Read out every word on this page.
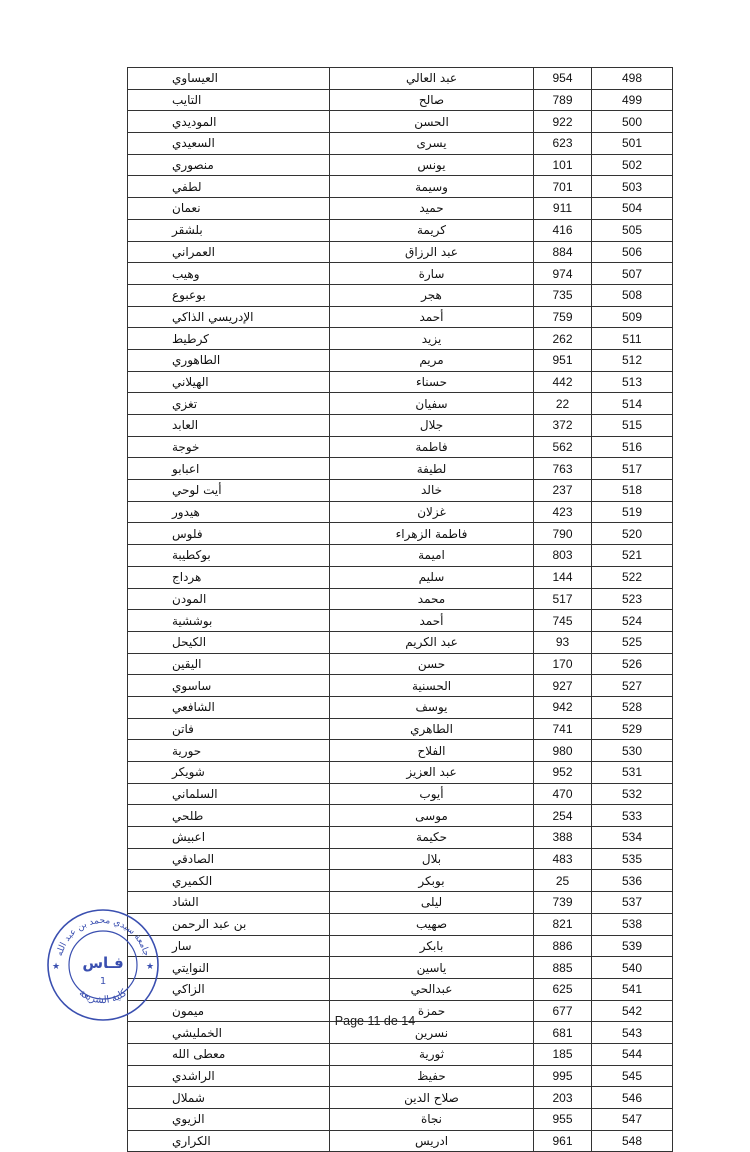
العيساوي	عبد العالي	954	498
التايب	صالح	789	499
الموديدي	الحسن	922	500
السعيدي	يسرى	623	501
منصوري	يونس	101	502
لطفي	وسيمة	701	503
نعمان	حميد	911	504
بلشقر	كريمة	416	505
العمراني	عبد الرزاق	884	506
وهيب	سارة	974	507
بوعبوع	هجر	735	508
الإدريسي الذاكي	أحمد	759	509
كرطيط	يزيد	262	511
الطاهوري	مريم	951	512
الهيلاني	حسناء	442	513
تغزي	سفيان	22	514
العابد	جلال	372	515
خوجة	فاطمة	562	516
اعبابو	لطيفة	763	517
أيت لوحي	خالد	237	518
هيدور	غزلان	423	519
فلوس	فاطمة الزهراء	790	520
بوكطيبة	اميمة	803	521
هرداج	سليم	144	522
المودن	محمد	517	523
بوششية	أحمد	745	524
الكيحل	عبد الكريم	93	525
اليقين	حسن	170	526
ساسوي	الحسنية	927	527
الشافعي	يوسف	942	528
فاتن	الطاهري	741	529
حورية	الفلاح	980	530
شويكر	عبد العزيز	952	531
السلماني	أيوب	470	532
طلحي	موسى	254	533
اعبيش	حكيمة	388	534
الصادقي	بلال	483	535
الكميري	بوبكر	25	536
الشاد	ليلى	739	537
بن عبد الرحمن	صهيب	821	538
سار	بابكر	886	539
النوايتي	ياسين	885	540
الزاكي	عبدالحي	625	541
ميمون	حمزة	677	542
الخمليشي	نسرين	681	543
معطى الله	ثورية	185	544
الراشدي	حفيظ	995	545
شملال	صلاح الدين	203	546
الزيوي	نجاة	955	547
الكراري	ادريس	961	548
جامعة سيدي محمد بن عبد الله
كلية الشريعة
فـاس
1
★	★
Page 11 de 14
